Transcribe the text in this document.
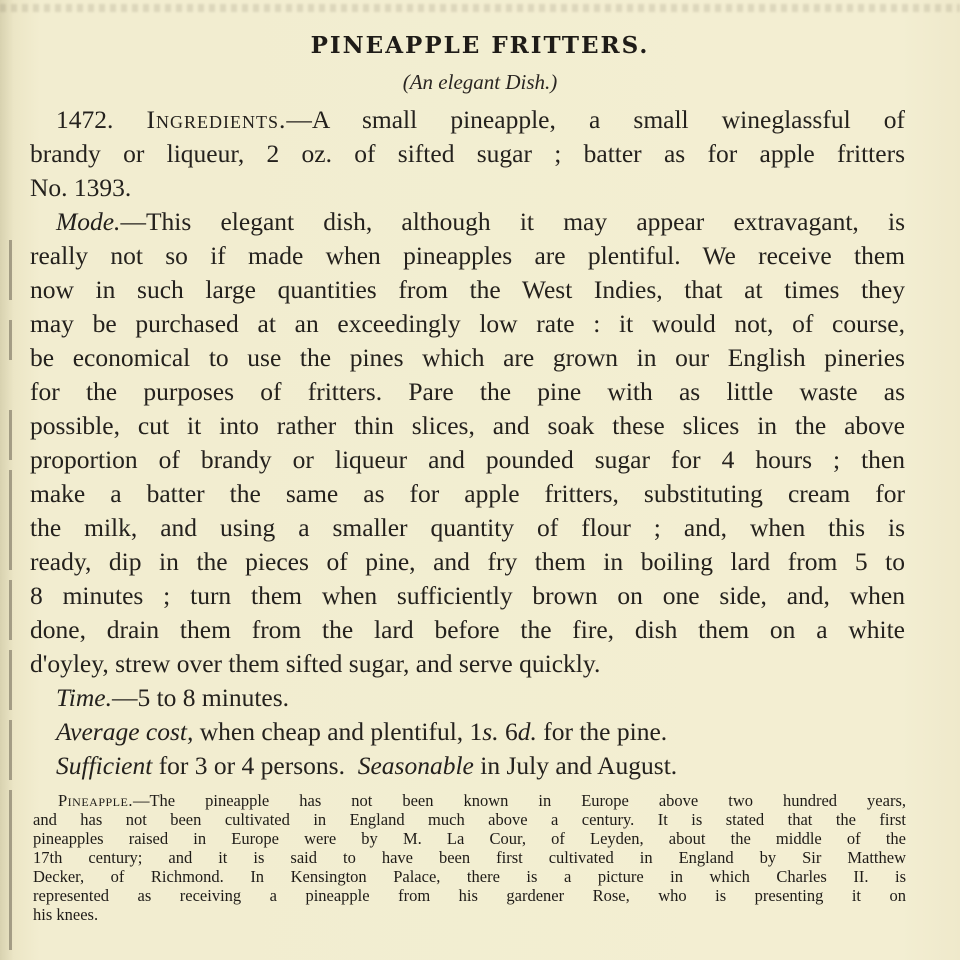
PINEAPPLE FRITTERS.
(An elegant Dish.)
1472. Ingredients.—A small pineapple, a small wineglassful of
brandy or liqueur, 2 oz. of sifted sugar ; batter as for apple fritters
No. 1393.
Mode.—This elegant dish, although it may appear extravagant, is
really not so if made when pineapples are plentiful. We receive them
now in such large quantities from the West Indies, that at times they
may be purchased at an exceedingly low rate : it would not, of course,
be economical to use the pines which are grown in our English pineries
for the purposes of fritters. Pare the pine with as little waste as
possible, cut it into rather thin slices, and soak these slices in the above
proportion of brandy or liqueur and pounded sugar for 4 hours ; then
make a batter the same as for apple fritters, substituting cream for
the milk, and using a smaller quantity of flour ; and, when this is
ready, dip in the pieces of pine, and fry them in boiling lard from 5 to
8 minutes ; turn them when sufficiently brown on one side, and, when
done, drain them from the lard before the fire, dish them on a white
d'oyley, strew over them sifted sugar, and serve quickly.
Time.—5 to 8 minutes.
Average cost, when cheap and plentiful, 1s. 6d. for the pine.
Sufficient for 3 or 4 persons. Seasonable in July and August.
Pineapple.—The pineapple has not been known in Europe above two hundred years,
and has not been cultivated in England much above a century. It is stated that the first
pineapples raised in Europe were by M. La Cour, of Leyden, about the middle of the
17th century; and it is said to have been first cultivated in England by Sir Matthew
Decker, of Richmond. In Kensington Palace, there is a picture in which Charles II. is
represented as receiving a pineapple from his gardener Rose, who is presenting it on
his knees.
